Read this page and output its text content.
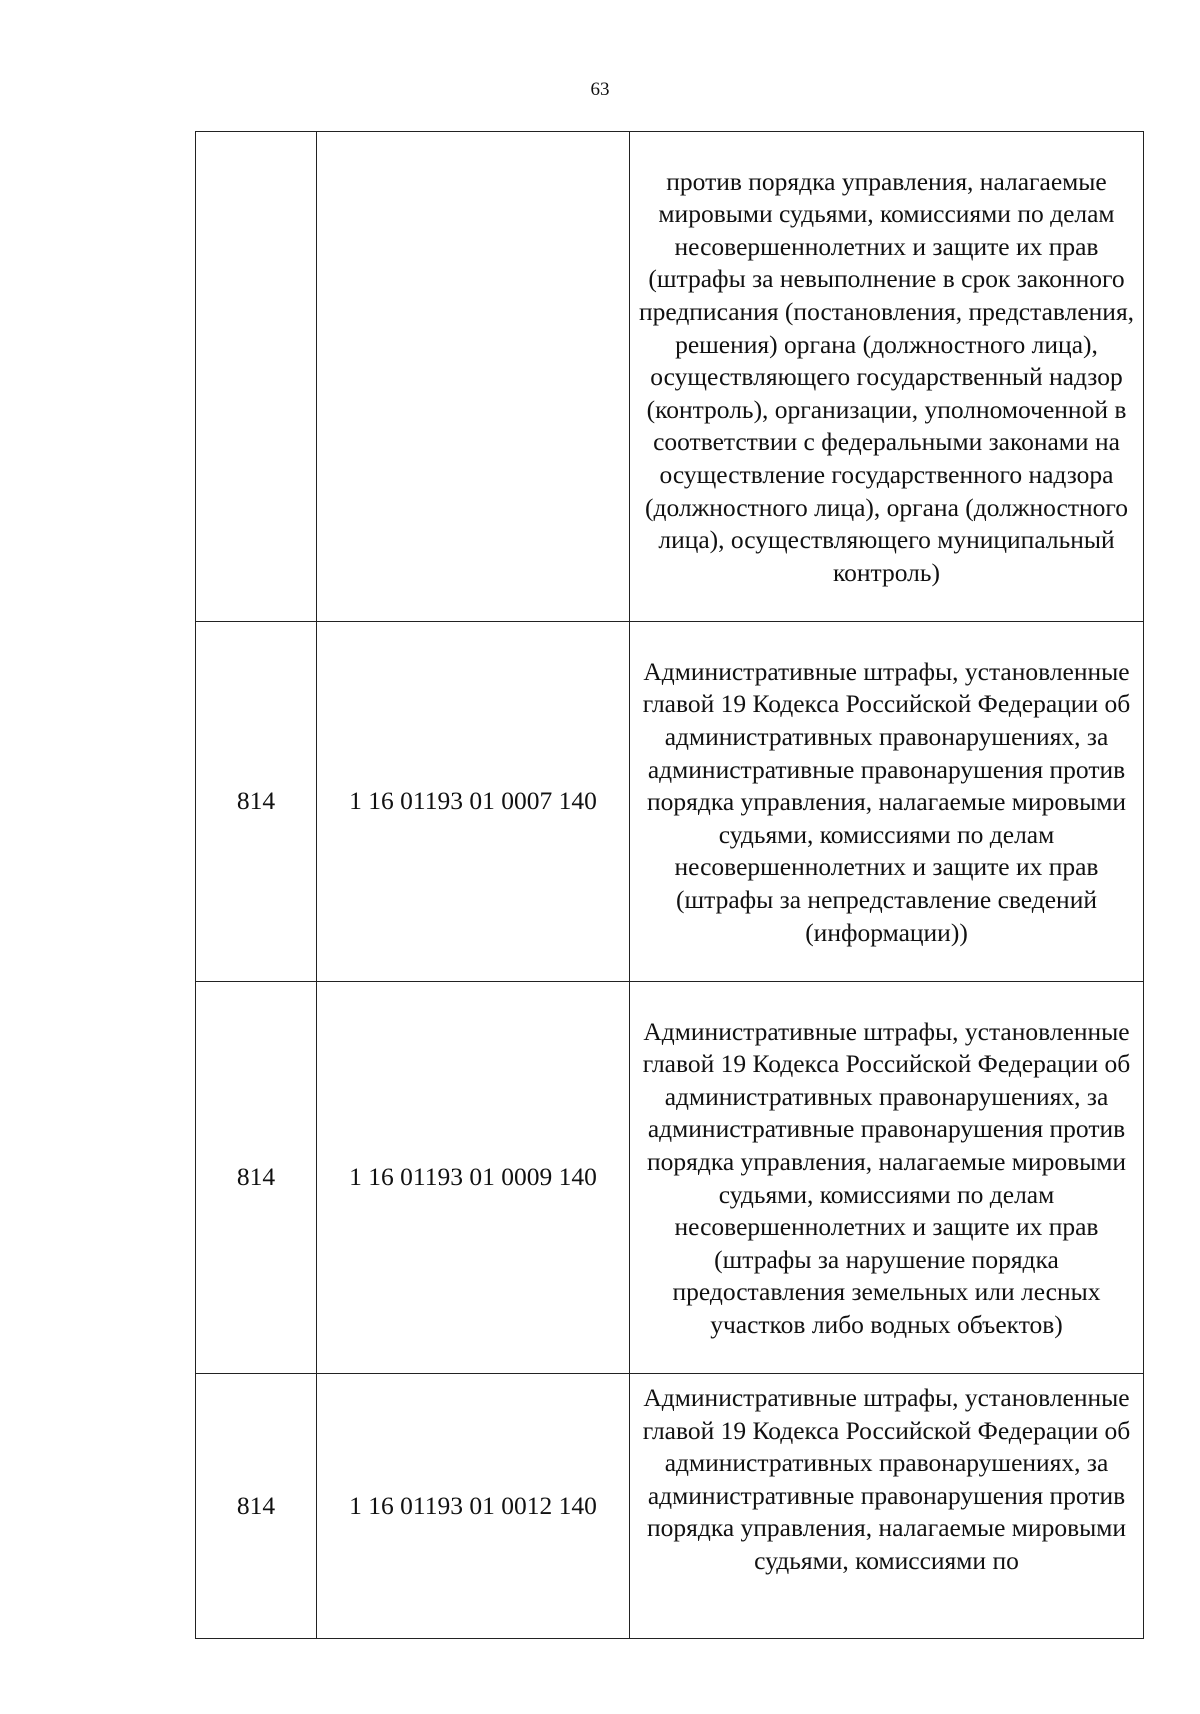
63

		против порядка управления, налагаемые мировыми судьями, комиссиями по делам несовершеннолетних и защите их прав (штрафы за невыполнение в срок законного предписания (постановления, представления, решения) органа (должностного лица), осуществляющего государственный надзор (контроль), организации, уполномоченной в соответствии с федеральными законами на осуществление государственного надзора (должностного лица), органа (должностного лица), осуществляющего муниципальный контроль)

814	1 16 01193 01 0007 140	Административные штрафы, установленные главой 19 Кодекса Российской Федерации об административных правонарушениях, за административные правонарушения против порядка управления, налагаемые мировыми судьями, комиссиями по делам несовершеннолетних и защите их прав (штрафы за непредставление сведений (информации))

814	1 16 01193 01 0009 140	Административные штрафы, установленные главой 19 Кодекса Российской Федерации об административных правонарушениях, за административные правонарушения против порядка управления, налагаемые мировыми судьями, комиссиями по делам несовершеннолетних и защите их прав (штрафы за нарушение порядка предоставления земельных или лесных участков либо водных объектов)

814	1 16 01193 01 0012 140	Административные штрафы, установленные главой 19 Кодекса Российской Федерации об административных правонарушениях, за административные правонарушения против порядка управления, налагаемые мировыми судьями, комиссиями по
